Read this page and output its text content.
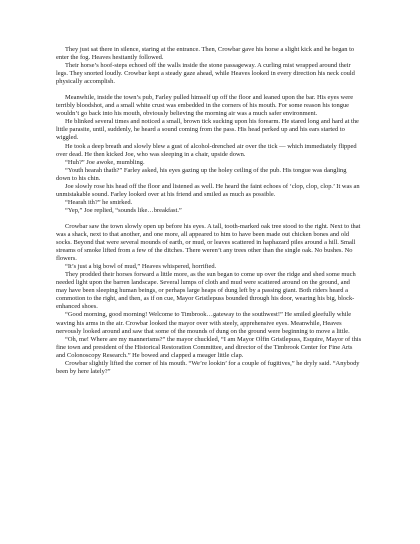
They just sat there in silence, staring at the entrance. Then, Crowbar gave his horse a slight kick and he began to enter the fog. Heaves hesitantly followed.

Their horse’s hoof-steps echoed off the walls inside the stone passageway. A curling mist wrapped around their legs. They snorted loudly. Crowbar kept a steady gaze ahead, while Heaves looked in every direction his neck could physically accomplish.

Meanwhile, inside the town’s pub, Farley pulled himself up off the floor and leaned upon the bar. His eyes were terribly bloodshot, and a small white crust was embedded in the corners of his mouth. For some reason his tongue wouldn’t go back into his mouth, obviously believing the morning air was a much safer environment.

He blinked several times and noticed a small, brown tick sucking upon his forearm. He stared long and hard at the little parasite, until, suddenly, he heard a sound coming from the pass. His head perked up and his ears started to wiggled.

He took a deep breath and slowly blew a gust of alcohol-drenched air over the tick — which immediately flipped over dead. He then kicked Joe, who was sleeping in a chair, upside down.

“Huh?” Joe awoke, mumbling.

“Youth hearah thath?” Farley asked, his eyes gazing up the holey ceiling of the pub. His tongue was dangling down to his chin.

Joe slowly rose his head off the floor and listened as well. He heard the faint echoes of ‘clop, clop, clop.’ It was an unmistakable sound. Farley looked over at his friend and smiled as much as possible.

“Hearah ith?” he smirked.

“Yep,” Joe replied, “sounds like…breakfast.”

Crowbar saw the town slowly open up before his eyes. A tall, tooth-marked oak tree stood to the right. Next to that was a shack, next to that another, and one more, all appeared to him to have been made out chicken bones and old socks. Beyond that were several mounds of earth, or mud, or leaves scattered in haphazard piles around a hill. Small streams of smoke lifted from a few of the ditches. There weren’t any trees other than the single oak. No bushes. No flowers.

“It’s just a big bowl of mud,” Heaves whispered, horrified.

They prodded their horses forward a little more, as the sun began to come up over the ridge and shed some much needed light upon the barren landscape. Several lumps of cloth and mud were scattered around on the ground, and may have been sleeping human beings, or perhaps large heaps of dung left by a passing giant. Both riders heard a commotion to the right, and then, as if on cue, Mayor Gristlepuss bounded through his door, wearing his big, block-enhanced shoes.

“Good morning, good morning! Welcome to Timbrook…gateway to the southwest!” He smiled gleefully while waving his arms in the air. Crowbar looked the mayor over with steely, apprehensive eyes. Meanwhile, Heaves nervously looked around and saw that some of the mounds of dung on the ground were beginning to move a little.

“Oh, me! Where are my mannerisms?” the mayor chuckled, “I am Mayor Olfin Gristlepuss, Esquire, Mayor of this fine town and president of the Historical Restoration Committee, and director of the Timbrook Center for Fine Arts and Colonoscopy Research.” He bowed and clapped a meager little clap.

Crowbar slightly lifted the corner of his mouth. “We’re lookin’ for a couple of fugitives,” he dryly said. “Anybody been by here lately?”
